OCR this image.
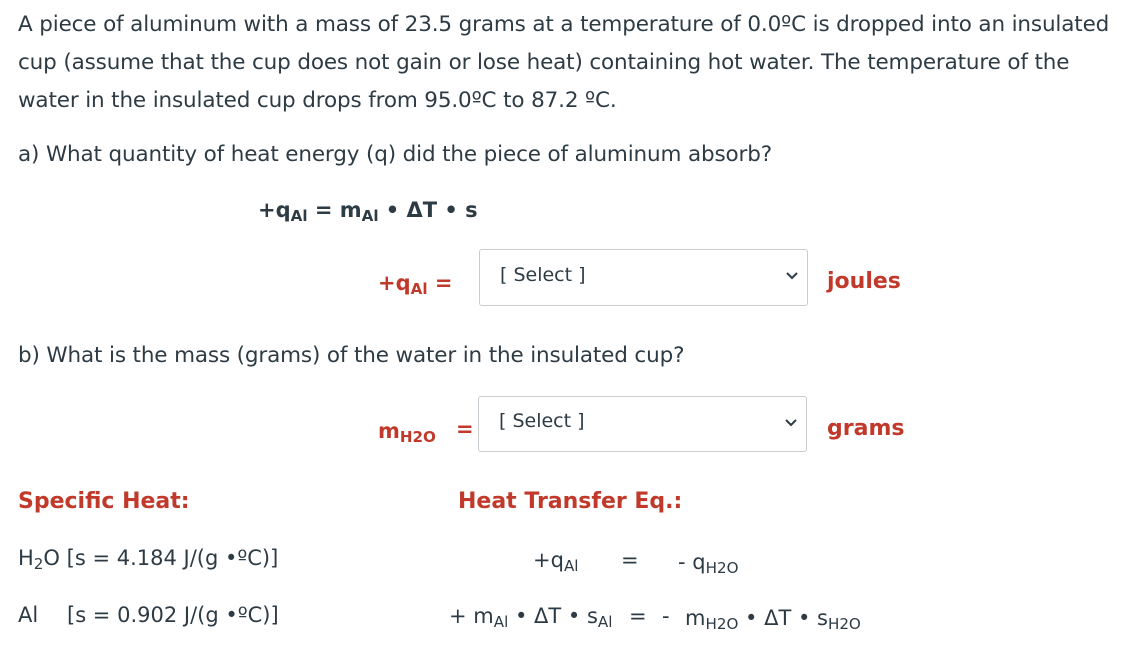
A piece of aluminum with a mass of 23.5 grams at a temperature of 0.0ºC is dropped into an insulated cup (assume that the cup does not gain or lose heat) containing hot water. The temperature of the water in the insulated cup drops from 95.0ºC to 87.2 ºC.
a) What quantity of heat energy (q) did the piece of aluminum absorb?
$+q_{Al} = m_{Al}$ • ΔT • s
$+q_{Al}$ =	[ Select ]	joules
b) What is the mass (grams) of the water in the insulated cup?
$m_{H2O}$ = [ Select ]	grams
Specific Heat:
$H_2O$ [s = 4.184 J/(g •ºC)]
Al [s = 0.902 J/(g •ºC)]
Heat Transfer Eq.:
$+q_{Al}$ = - $q_{H2O}$
+ $m_{Al}$ • ΔT • $s_{Al}$ = - $m_{H2O}$ • ΔT • $s_{H2O}$
